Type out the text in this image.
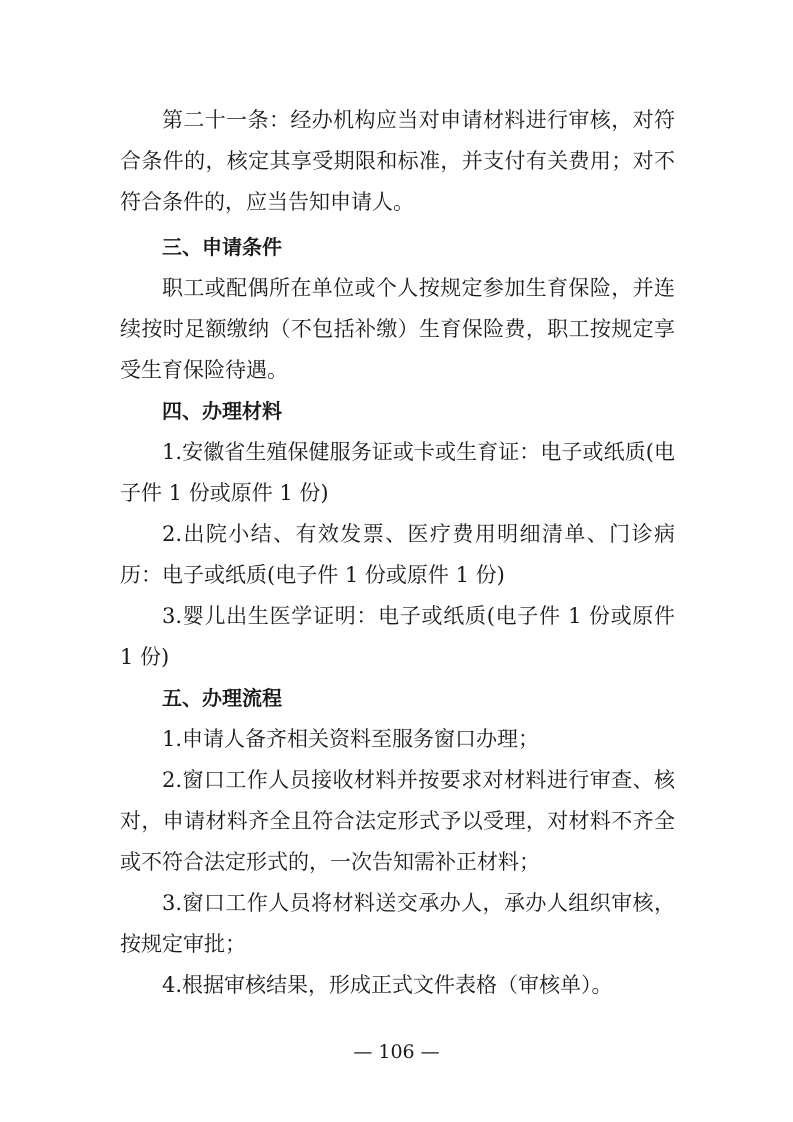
第二十一条：经办机构应当对申请材料进行审核，对符合条件的，核定其享受期限和标准，并支付有关费用；对不符合条件的，应当告知申请人。

三、申请条件

职工或配偶所在单位或个人按规定参加生育保险，并连续按时足额缴纳（不包括补缴）生育保险费，职工按规定享受生育保险待遇。

四、办理材料

1.安徽省生殖保健服务证或卡或生育证：电子或纸质(电子件 1 份或原件 1 份)

2.出院小结、有效发票、医疗费用明细清单、门诊病历：电子或纸质(电子件 1 份或原件 1 份)

3.婴儿出生医学证明：电子或纸质(电子件 1 份或原件 1 份)

五、办理流程

1.申请人备齐相关资料至服务窗口办理；

2.窗口工作人员接收材料并按要求对材料进行审查、核对，申请材料齐全且符合法定形式予以受理，对材料不齐全或不符合法定形式的，一次告知需补正材料；

3.窗口工作人员将材料送交承办人，承办人组织审核，按规定审批；

4.根据审核结果，形成正式文件表格（审核单）。

— 106 —
